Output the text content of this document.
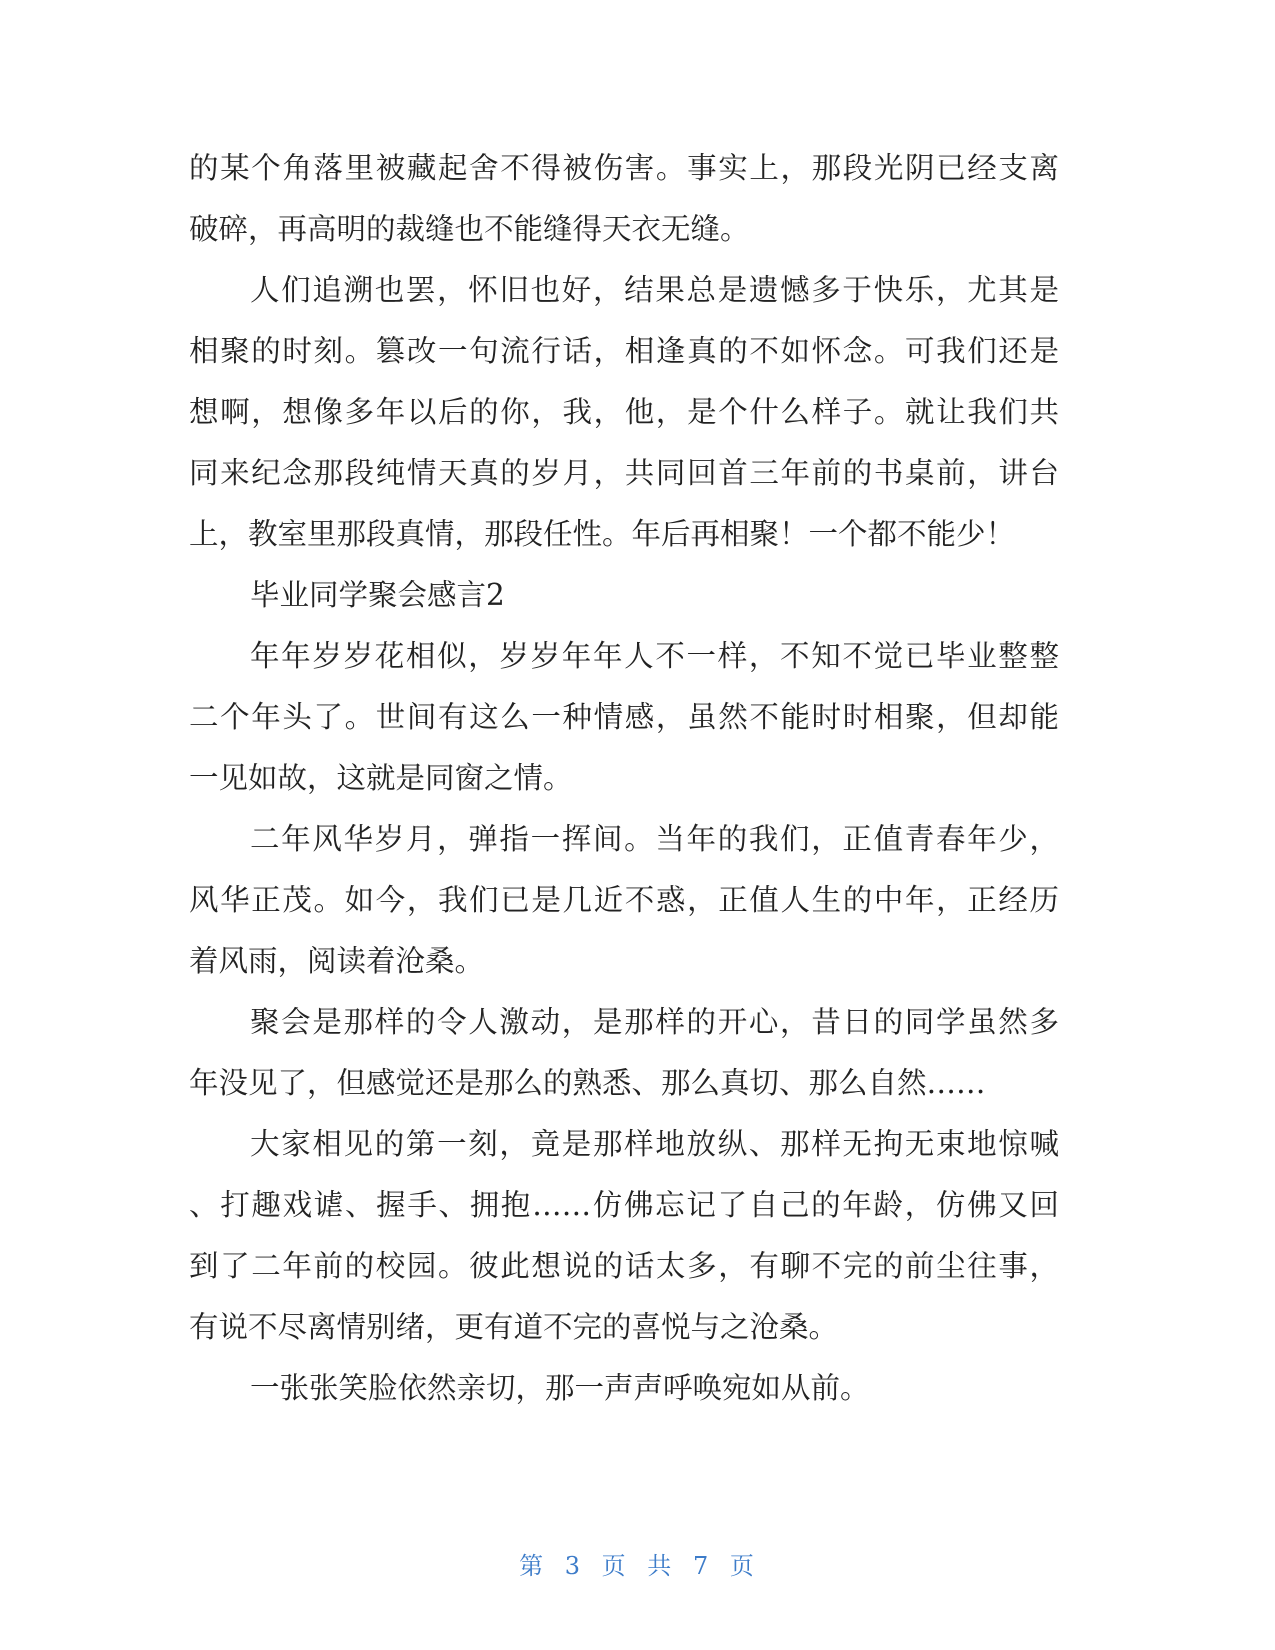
的某个角落里被藏起舍不得被伤害。事实上，那段光阴已经支离
破碎，再高明的裁缝也不能缝得天衣无缝。
人们追溯也罢，怀旧也好，结果总是遗憾多于快乐，尤其是
相聚的时刻。篡改一句流行话，相逢真的不如怀念。可我们还是
想啊，想像多年以后的你，我，他，是个什么样子。就让我们共
同来纪念那段纯情天真的岁月，共同回首三年前的书桌前，讲台
上，教室里那段真情，那段任性。年后再相聚！一个都不能少！
毕业同学聚会感言2
年年岁岁花相似，岁岁年年人不一样，不知不觉已毕业整整
二个年头了。世间有这么一种情感，虽然不能时时相聚，但却能
一见如故，这就是同窗之情。
二年风华岁月，弹指一挥间。当年的我们，正值青春年少，
风华正茂。如今，我们已是几近不惑，正值人生的中年，正经历
着风雨，阅读着沧桑。
聚会是那样的令人激动，是那样的开心，昔日的同学虽然多
年没见了，但感觉还是那么的熟悉、那么真切、那么自然……
大家相见的第一刻，竟是那样地放纵、那样无拘无束地惊喊
、打趣戏谑、握手、拥抱……仿佛忘记了自己的年龄，仿佛又回
到了二年前的校园。彼此想说的话太多，有聊不完的前尘往事，
有说不尽离情别绪，更有道不完的喜悦与之沧桑。
一张张笑脸依然亲切，那一声声呼唤宛如从前。
第 3 页 共 7 页
